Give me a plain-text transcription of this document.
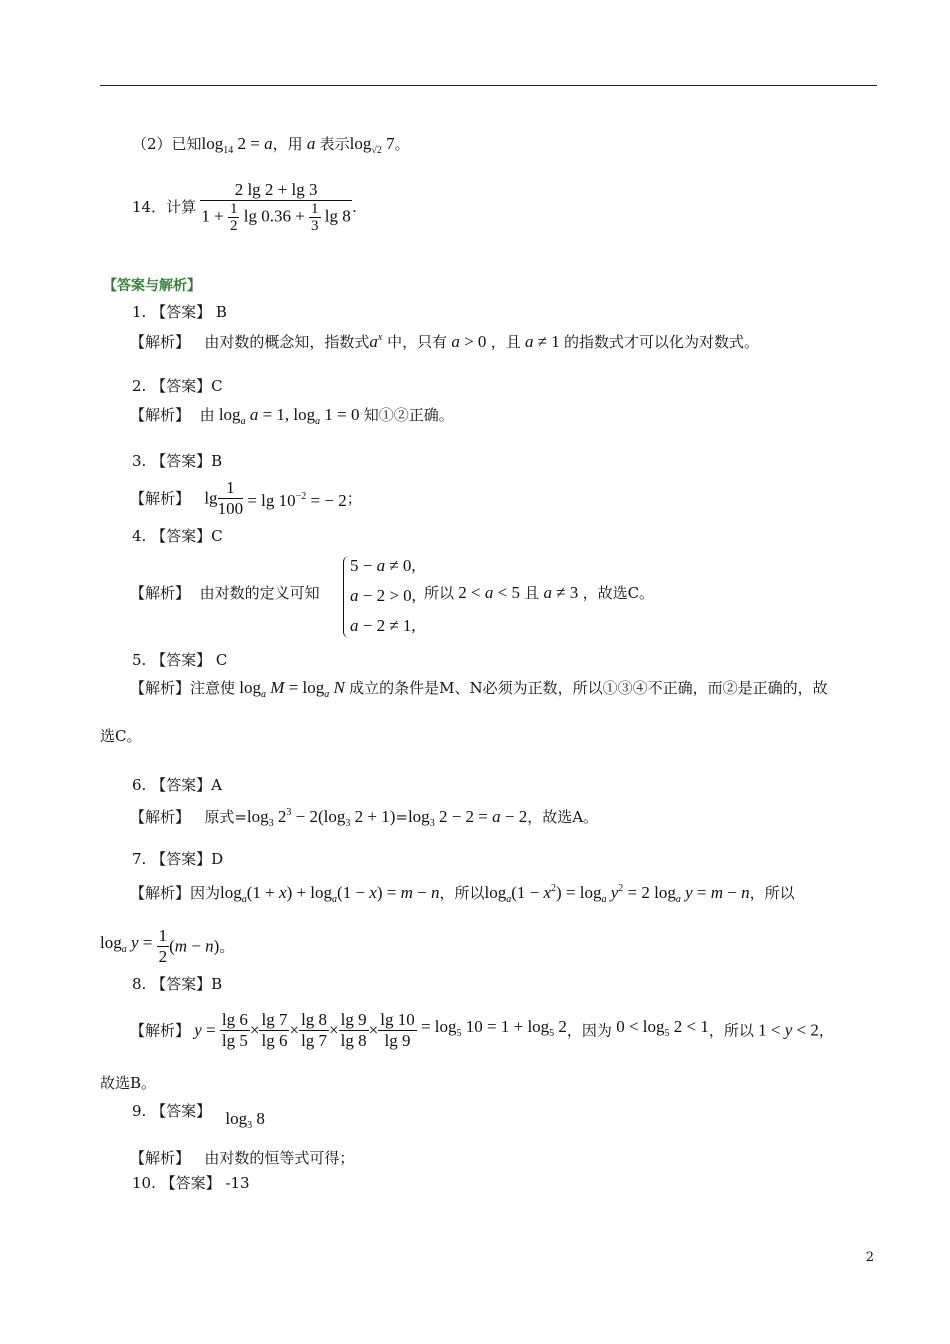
（2）已知$\log_{14} 2 = a$，用 a 表示$\log_{√2} 7$。
14．计算 $\frac{2 \lg 2 + \lg 3}{1 + \frac{1}{2} \lg 0.36 + \frac{1}{3} \lg 8}$ .
【答案与解析】
1. 【答案】 B
【解析】 由对数的概念知，指数式$a^x$ 中，只有 a > 0 ，且 a ≠ 1 的指数式才可以化为对数式。
2. 【答案】C
【解析】 由 $\log_a a = 1$, $\log_a 1 = 0$ 知①②正确。
3. 【答案】B
【解析】 $\lg \frac{1}{100} = \lg 10^{-2}$ = − 2；
4. 【答案】C
【解析】 由对数的定义可知
5 − a ≠ 0,
a − 2 > 0,
a − 2 ≠ 1,
所以 2 < a < 5 且 a ≠ 3 ，故选C。
5. 【答案】 C
【解析】注意使 $\log_a M = \log_a N$ 成立的条件是M、N必须为正数，所以①③④不正确，而②是正确的，故
选C。
6. 【答案】A
【解析】 原式$=\log_3$ $2^3 - 2(\log_3$ $2 + 1)=\log_3$ 2 − 2 = a − 2，故选A。
7. 【答案】D
【解析】因为$\log_a(1 + x) + \log_a(1 - x) = m - n$，所以$\log_a(1 - x^2) = \log_a y^2 = 2$ $\log_a y = m - n$，所以
$\log_a y = \frac{1}{2} (m - n)$。
8. 【答案】B
【解析】 $y = \frac{\lg 6}{\lg 5} \times \frac{\lg 7}{\lg 6} \times \frac{\lg 8}{\lg 7} \times \frac{\lg 9}{\lg 8} \times \frac{\lg 10}{\lg 9} = \log_5 10 = 1 + \log_5 2$，因为 $0 < \log_5 2 < 1$，所以 1 < y < 2，
故选B。
9. 【答案】 $\log_3 8$
【解析】 由对数的恒等式可得；
10. 【答案】 -13
2
